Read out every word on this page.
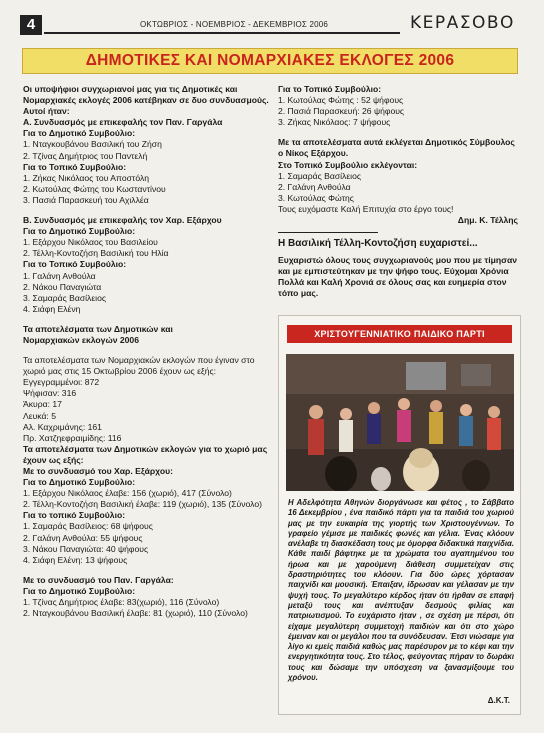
4	ΟΚΤΩΒΡΙΟΣ - ΝΟΕΜΒΡΙΟΣ - ΔΕΚΕΜΒΡΙΟΣ 2006	ΚΕΡΑΣΟΒΟ
ΔΗΜΟΤΙΚΕΣ ΚΑΙ ΝΟΜΑΡΧΙΑΚΕΣ ΕΚΛΟΓΕΣ 2006
Οι υποψήφιοι συγχωριανοί μας για τις Δημοτικές και Νομαρχιακές εκλογές 2006 κατέβηκαν σε δυο συνδυασμούς. Αυτοί ήταν:
Α. Συνδυασμός με επικεφαλής τον Παν. Γαργάλα
Για το Δημοτικό Συμβούλιο:
1. Νταγκουβάνου Βασιλική του Ζήση
2. Τζίνας Δημήτριος του Παντελή
Για το Τοπικό Συμβούλιο:
1. Ζήκας Νικόλαος του Αποστόλη
2. Κωτούλας Φώτης του Κωσταντίνου
3. Πασιά Παρασκευή του Αχιλλέα
Β. Συνδυασμός με επικεφαλής τον Χαρ. Εξάρχου
Για το Δημοτικό Συμβούλιο:
1. Εξάρχου Νικόλαος του Βασιλείου
2. Τέλλη-Κοντοζήση Βασιλική του Ηλία
Για το Τοπικό Συμβούλιο:
1. Γαλάνη Ανθούλα
2. Νάκου Παναγιώτα
3. Σαμαράς Βασίλειος
4. Σιάφη Ελένη
Τα αποτελέσματα των Δημοτικών και Νομαρχιακών εκλογών 2006
Τα αποτελέσματα των Νομαρχιακών εκλογών που έγιναν στο χωριό μας στις 15 Οκτωβρίου 2006 έχουν ως εξής:
Εγγεγραμμένοι: 872
Ψήφισαν: 316
Άκυρα: 17
Λευκά: 5
Αλ. Καχριμάνης: 161
Πρ. Χατζηεφραιμίδης: 116
Τα αποτελέσματα των Δημοτικών εκλογών για το χωριό μας έχουν ως εξής:
Με το συνδυασμό του Χαρ. Εξάρχου:
Για το Δημοτικό Συμβούλιο:
1. Εξάρχου Νικόλαος έλαβε: 156 (χωριό), 417 (Σύνολο)
2. Τέλλη-Κοντοζήση Βασιλική έλαβε: 119 (χωριό), 135 (Σύνολο)
Για το τοπικό Συμβούλιο:
1. Σαμαράς Βασίλειος: 68 ψήφους
2. Γαλάνη Ανθούλα: 55 ψήφους
3. Νάκου Παναγιώτα: 40 ψήφους
4. Σιάφη Ελένη: 13 ψήφους
Με το συνδυασμό του Παν. Γαργάλα:
Για το Δημοτικό Συμβούλιο:
1. Τζίνας Δημήτριος έλαβε: 83(χωριό), 116 (Σύνολο)
2. Νταγκουβάνου Βασιλική έλαβε: 81 (χωριό), 110 (Σύνολο)
Για το Τοπικό Συμβούλιο:
1. Κωτούλας Φώτης : 52 ψήφους
2. Πασιά Παρασκευή: 26 ψήφους
3. Ζήκας Νικόλαος: 7 ψήφους
Με τα αποτελέσματα αυτά εκλέγεται Δημοτικός Σύμβουλος ο Νίκος Εξάρχου.
Στο Τοπικό Συμβούλιο εκλέγονται:
1. Σαμαράς Βασίλειος
2. Γαλάνη Ανθούλα
3. Κωτούλας Φώτης
Τους ευχόμαστε Καλή Επιτυχία στο έργο τους!
Δημ. Κ. Τέλλης
Η Βασιλική Τέλλη-Κοντοζήση ευχαριστεί...
Ευχαριστώ όλους τους συγχωριανούς μου που με τίμησαν και με εμπιστεύτηκαν με την ψήφο τους. Εύχομαι Χρόνια Πολλά και Καλή Χρονιά σε όλους σας και ευημερία στον τόπο μας.
ΧΡΙΣΤΟΥΓΕΝΝΙΑΤΙΚΟ ΠΑΙΔΙΚΟ ΠΑΡΤΙ
Η Αδελφότητα Αθηνών διοργάνωσε και φέτος , το Σάββατο 16 Δεκεμβρίου , ένα παιδικό πάρτι για τα παιδιά του χωριού μας με την ευκαιρία της γιορτής των Χριστουγέννων. Το γραφείο γέμισε με παιδικές φωνές και γέλια. Ένας κλόουν ανέλαβε τη διασκέδαση τους με όμορφα διδακτικά παιχνίδια. Κάθε παιδί βάφτηκε με τα χρώματα του αγαπημένου του ήρωα και με χαρούμενη διάθεση συμμετείχαν στις δραστηριότητες του κλόουν. Για δύο ώρες χόρτασαν παιχνίδι και μουσική. Έπαιξαν, ίδρωσαν και γέλασαν με την ψυχή τους. Το μεγαλύτερο κέρδος ήταν ότι ήρθαν σε επαφή μεταξύ τους και ανέπτυξαν δεσμούς φιλίας και πατριωτισμού. Το ευχάριστο ήταν , σε σχέση με πέρσι, ότι είχαμε μεγαλύτερη συμμετοχή παιδιών και ότι στο χώρο έμειναν και οι μεγάλοι που τα συνόδευσαν. Έτσι νιώσαμε για λίγο κι εμείς παιδιά καθώς μας παρέσυρον με το κέφι και την ενεργητικότητα τους. Στο τέλος, φεύγοντας πήραν το δωράκι τους και δώσαμε την υπόσχεση να ξανασμίξουμε του χρόνου.
Δ.Κ.Τ.
